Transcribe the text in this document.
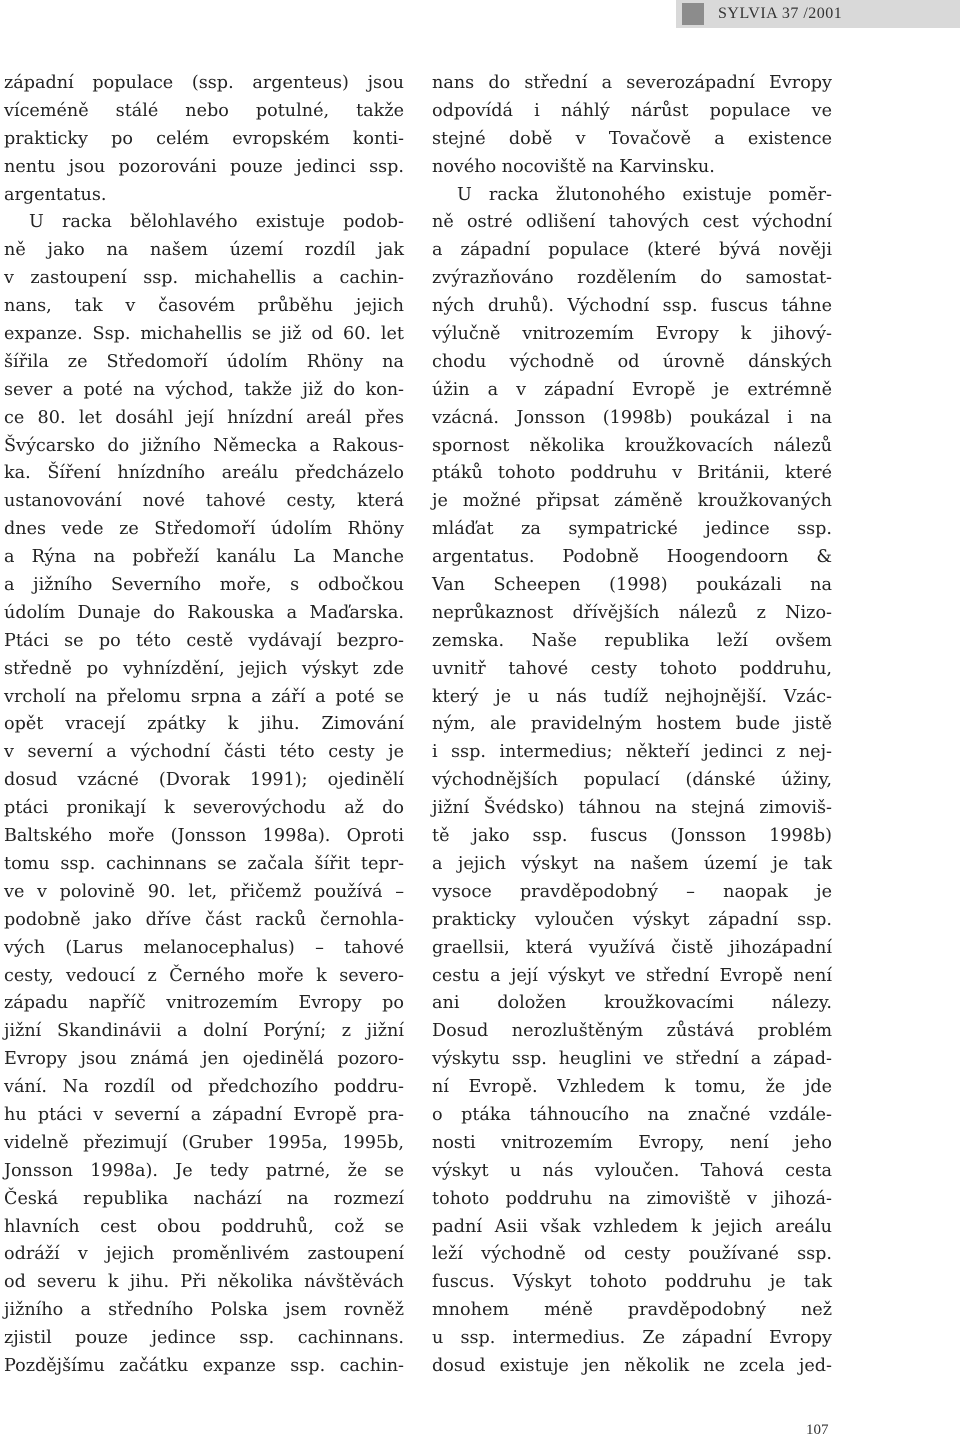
SYLVIA 37 /2001
západní populace (ssp. argenteus) jsou
víceméně stálé nebo potulné, takže
prakticky po celém evropském konti-
nentu jsou pozorováni pouze jedinci ssp.
argentatus.
U racka bělohlavého existuje podob-
ně jako na našem území rozdíl jak
v zastoupení ssp. michahellis a cachin-
nans, tak v časovém průběhu jejich
expanze. Ssp. michahellis se již od 60. let
šířila ze Středomoří údolím Rhöny na
sever a poté na východ, takže již do kon-
ce 80. let dosáhl její hnízdní areál přes
Švýcarsko do jižního Německa a Rakous-
ka. Šíření hnízdního areálu předcházelo
ustanovování nové tahové cesty, která
dnes vede ze Středomoří údolím Rhöny
a Rýna na pobřeží kanálu La Manche
a jižního Severního moře, s odbočkou
údolím Dunaje do Rakouska a Maďarska.
Ptáci se po této cestě vydávají bezpro-
středně po vyhnízdění, jejich výskyt zde
vrcholí na přelomu srpna a září a poté se
opět vracejí zpátky k jihu. Zimování
v severní a východní části této cesty je
dosud vzácné (Dvorak 1991); ojedinělí
ptáci pronikají k severovýchodu až do
Baltského moře (Jonsson 1998a). Oproti
tomu ssp. cachinnans se začala šířit tepr-
ve v polovině 90. let, přičemž používá –
podobně jako dříve část racků černohla-
vých (Larus melanocephalus) – tahové
cesty, vedoucí z Černého moře k severo-
západu napříč vnitrozemím Evropy po
jižní Skandinávii a dolní Porýní; z jižní
Evropy jsou známá jen ojedinělá pozoro-
vání. Na rozdíl od předchozího poddru-
hu ptáci v severní a západní Evropě pra-
videlně přezimují (Gruber 1995a, 1995b,
Jonsson 1998a). Je tedy patrné, že se
Česká republika nachází na rozmezí
hlavních cest obou poddruhů, což se
odráží v jejich proměnlivém zastoupení
od severu k jihu. Při několika návštěvách
jižního a středního Polska jsem rovněž
zjistil pouze jedince ssp. cachinnans.
Pozdějšímu začátku expanze ssp. cachin-
nans do střední a severozápadní Evropy
odpovídá i náhlý nárůst populace ve
stejné době v Tovačově a existence
nového nocoviště na Karvinsku.
U racka žlutonohého existuje pomĕr-
ně ostré odlišení tahových cest východní
a západní populace (které bývá nověji
zvýrazňováno rozdělením do samostat-
ných druhů). Východní ssp. fuscus táhne
výlučně vnitrozemím Evropy k jihový-
chodu východně od úrovně dánských
úžin a v západní Evropě je extrémně
vzácná. Jonsson (1998b) poukázal i na
spornost několika kroužkovacích nálezů
ptáků tohoto poddruhu v Británii, které
je možné připsat záměně kroužkovaných
mláďat za sympatrické jedince ssp.
argentatus. Podobně Hoogendoorn &
Van Scheepen (1998) poukázali na
neprůkaznost dřívějších nálezů z Nizo-
zemska. Naše republika leží ovšem
uvnitř tahové cesty tohoto poddruhu,
který je u nás tudíž nejhojnější. Vzác-
ným, ale pravidelným hostem bude jistě
i ssp. intermedius; někteří jedinci z nej-
východnějších populací (dánské úžiny,
jižní Švédsko) táhnou na stejná zimoviš-
tě jako ssp. fuscus (Jonsson 1998b)
a jejich výskyt na našem území je tak
vysoce pravděpodobný – naopak je
prakticky vyloučen výskyt západní ssp.
graellsii, která využívá čistě jihozápadní
cestu a její výskyt ve střední Evropě není
ani doložen kroužkovacími nálezy.
Dosud nerozluštěným zůstává problém
výskytu ssp. heuglini ve střední a západ-
ní Evropě. Vzhledem k tomu, že jde
o ptáka táhnoucího na značné vzdále-
nosti vnitrozemím Evropy, není jeho
výskyt u nás vyloučen. Tahová cesta
tohoto poddruhu na zimoviště v jihozá-
padní Asii však vzhledem k jejich areálu
leží východně od cesty používané ssp.
fuscus. Výskyt tohoto poddruhu je tak
mnohem méně pravděpodobný než
u ssp. intermedius. Ze západní Evropy
dosud existuje jen několik ne zcela jed-
107
